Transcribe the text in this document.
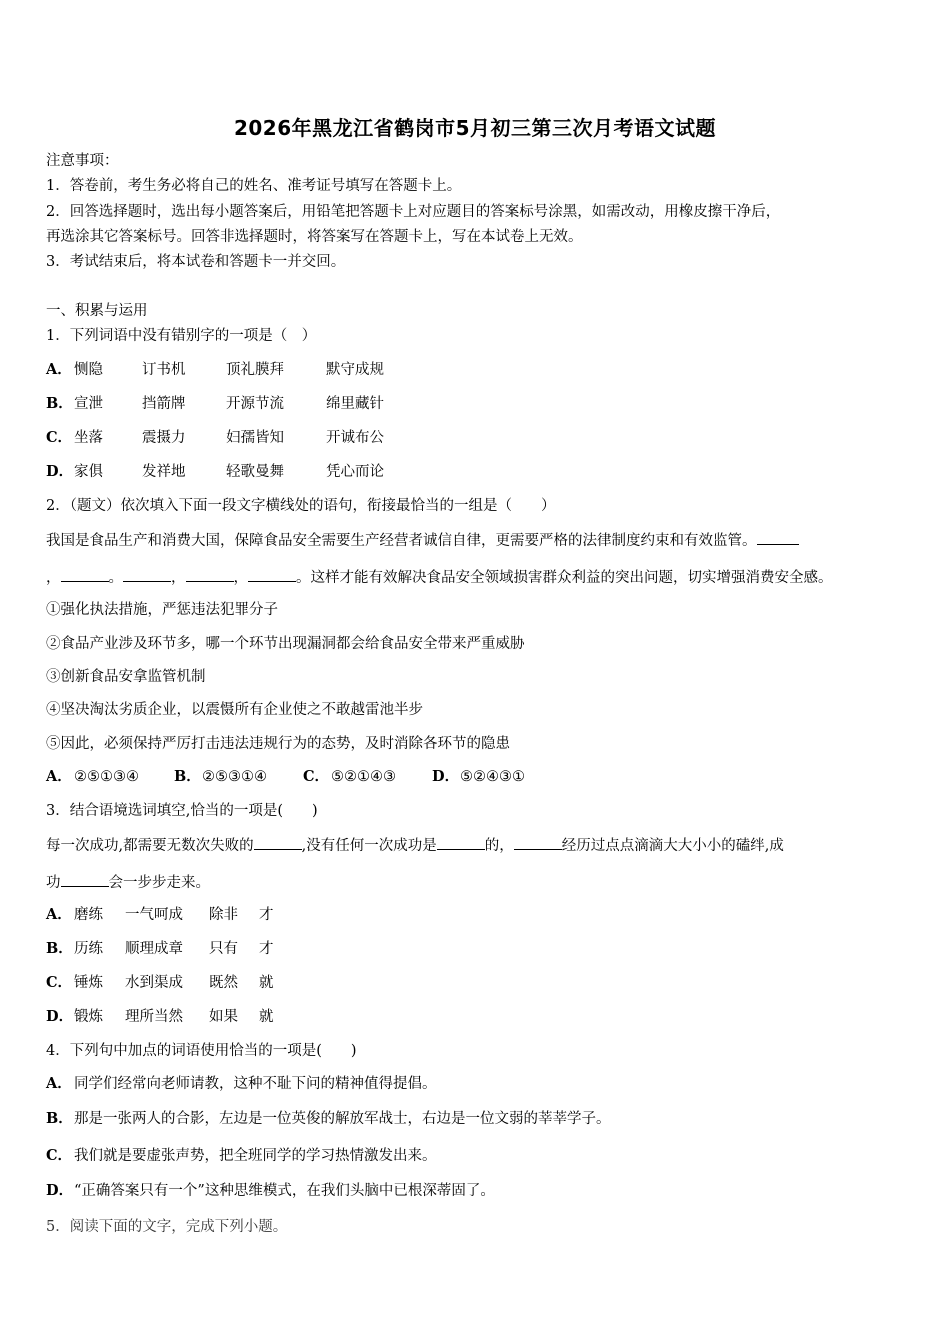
2026年黑龙江省鹤岗市5月初三第三次月考语文试题
注意事项：
1．答卷前，考生务必将自己的姓名、准考证号填写在答题卡上。
2．回答选择题时，选出每小题答案后，用铅笔把答题卡上对应题目的答案标号涂黑，如需改动，用橡皮擦干净后，
再选涂其它答案标号。回答非选择题时，将答案写在答题卡上，写在本试卷上无效。
3．考试结束后，将本试卷和答题卡一并交回。
一、积累与运用
1．下列词语中没有错别字的一项是（　）
A． 恻隐	订书机	顶礼膜拜	默守成规
B． 宣泄	挡箭牌	开源节流	绵里藏针
C． 坐落	震摄力	妇孺皆知	开诚布公
D． 家俱	发祥地	轻歌曼舞	凭心而论
2．（题文）依次填入下面一段文字横线处的语句，衔接最恰当的一组是（　　）
我国是食品生产和消费大国，保障食品安全需要生产经营者诚信自律，更需要严格的法律制度约束和有效监管。
，	。	，	，	。这样才能有效解决食品安全领域损害群众利益的突出问题，切实增强消费安全感。
①强化执法措施，严惩违法犯罪分子
②食品产业涉及环节多，哪一个环节出现漏洞都会给食品安全带来严重威胁
③创新食品安拿监管机制
④坚决淘汰劣质企业，以震慑所有企业使之不敢越雷池半步
⑤因此，必须保持严厉打击违法违规行为的态势，及时消除各环节的隐患
A． ②⑤①③④ B． ②⑤③①④ C． ⑤②①④③ D． ⑤②④③①
3．结合语境选词填空,恰当的一项是(　　)
每一次成功,都需要无数次失败的	,没有任何一次成功是	的，	经历过点点滴滴大大小小的磕绊,成
功	会一步步走来。
A． 磨练 一气呵成 除非 才
B． 历练 顺理成章 只有 才
C． 锤炼 水到渠成 既然 就
D． 锻炼 理所当然 如果 就
4．下列句中加点的词语使用恰当的一项是(　　)
A． 同学们经常向老师请教，这种不耻下问的精神值得提倡。
B． 那是一张两人的合影，左边是一位英俊的解放军战士，右边是一位文弱的莘莘学子。
C． 我们就是要虚张声势，把全班同学的学习热情激发出来。
D． “正确答案只有一个”这种思维模式，在我们头脑中已根深蒂固了。
5．阅读下面的文字，完成下列小题。
